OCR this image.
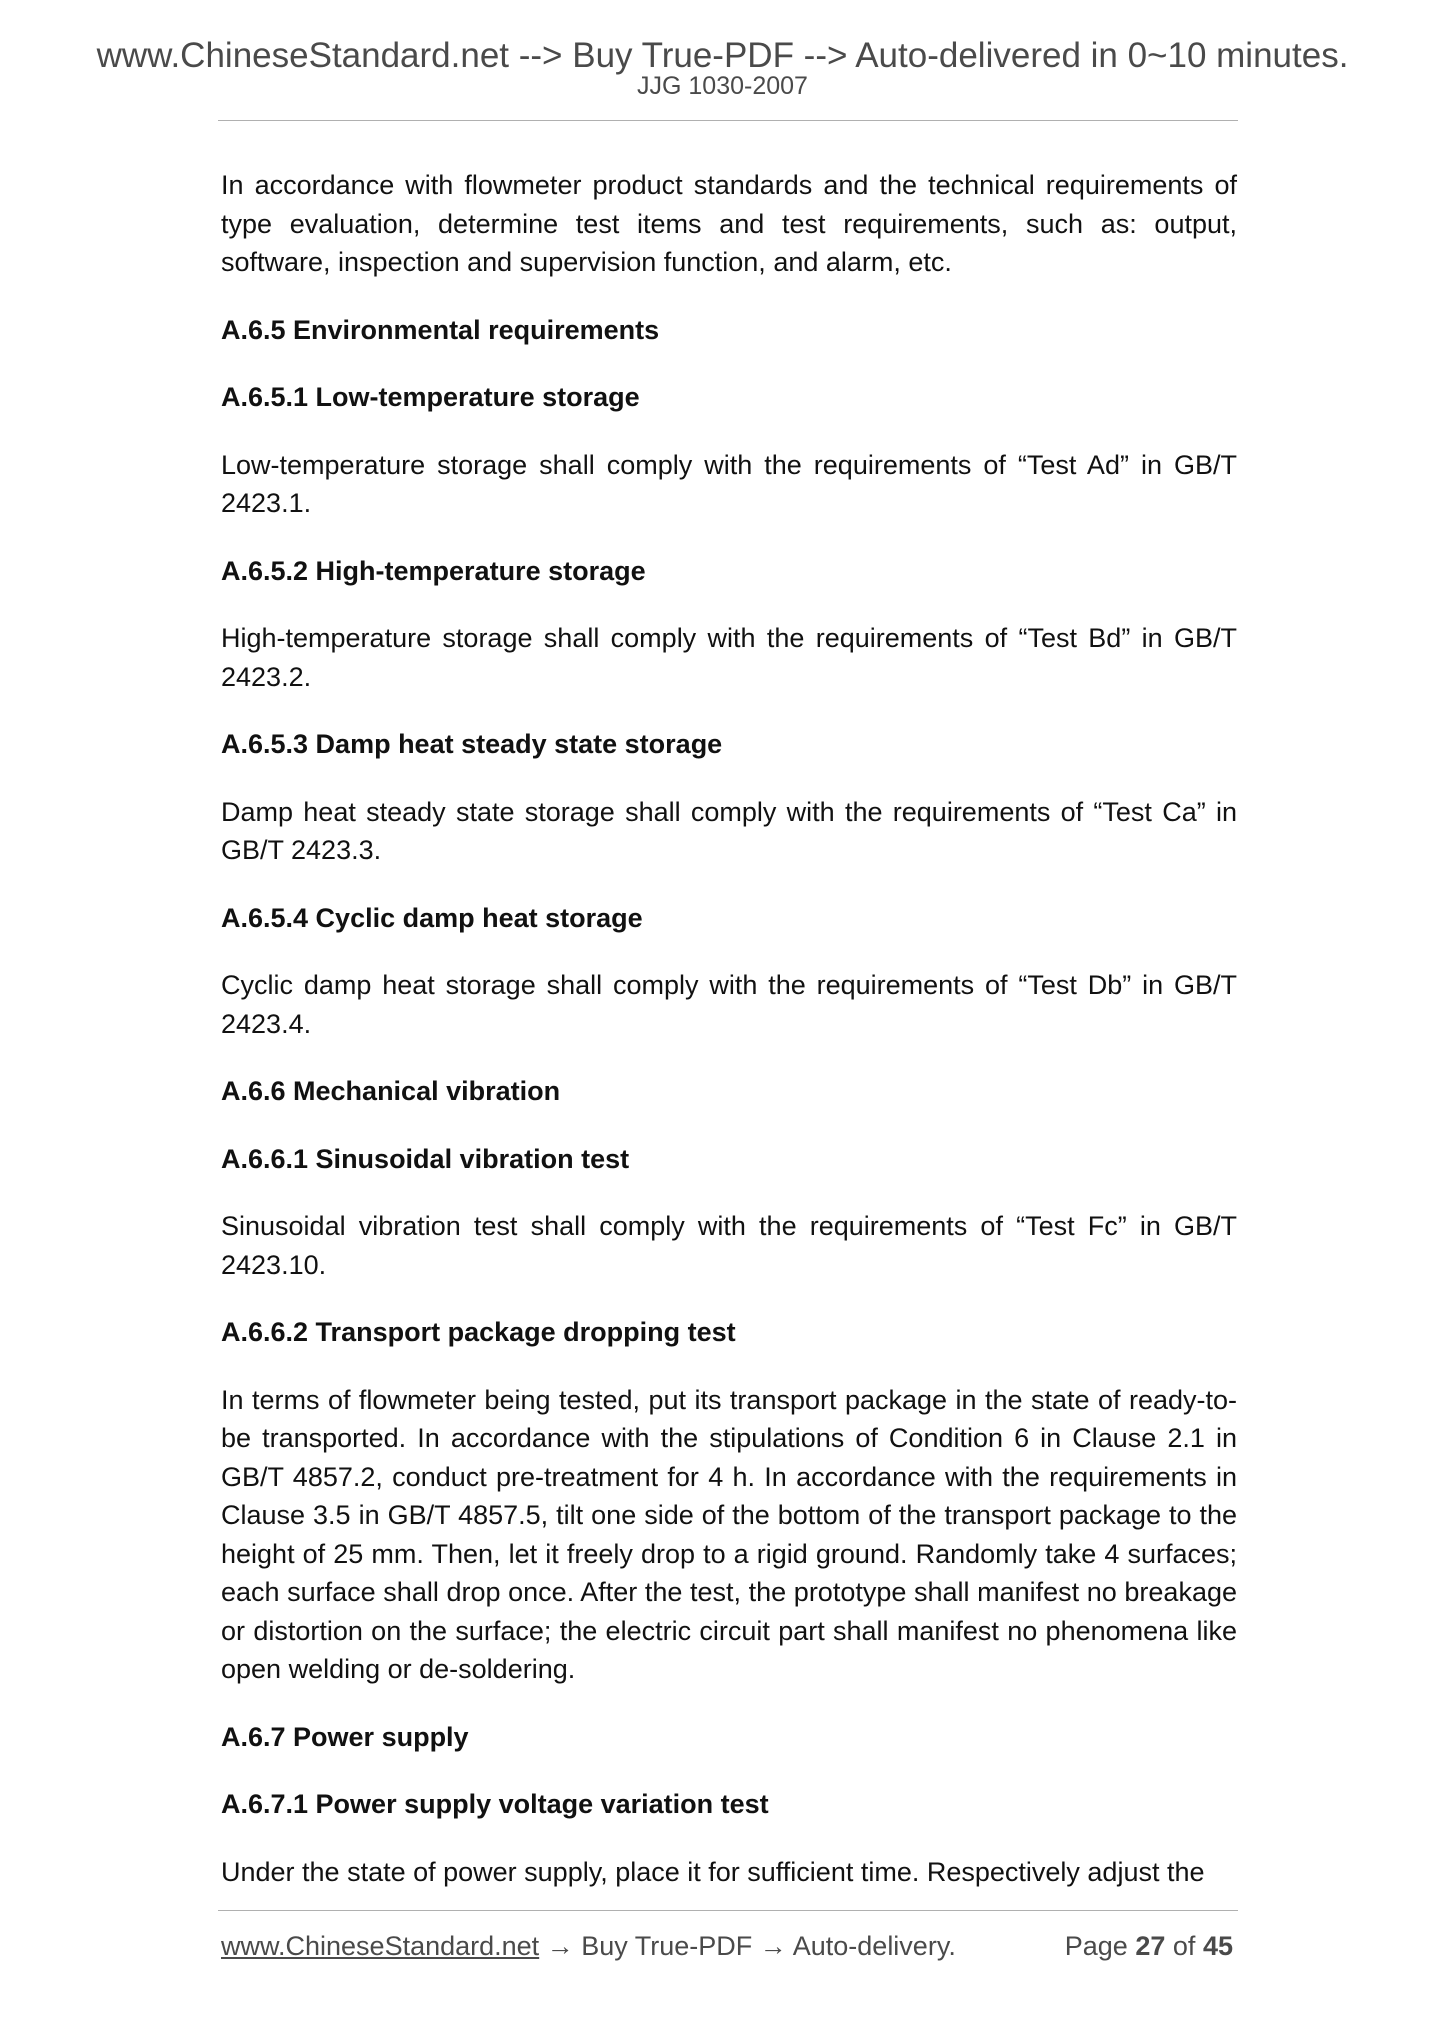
www.ChineseStandard.net --> Buy True-PDF --> Auto-delivered in 0~10 minutes.
JJG 1030-2007

In accordance with flowmeter product standards and the technical requirements of type evaluation, determine test items and test requirements, such as: output, software, inspection and supervision function, and alarm, etc.

A.6.5 Environmental requirements

A.6.5.1 Low-temperature storage

Low-temperature storage shall comply with the requirements of “Test Ad” in GB/T 2423.1.

A.6.5.2 High-temperature storage

High-temperature storage shall comply with the requirements of “Test Bd” in GB/T 2423.2.

A.6.5.3 Damp heat steady state storage

Damp heat steady state storage shall comply with the requirements of “Test Ca” in GB/T 2423.3.

A.6.5.4 Cyclic damp heat storage

Cyclic damp heat storage shall comply with the requirements of “Test Db” in GB/T 2423.4.

A.6.6 Mechanical vibration

A.6.6.1 Sinusoidal vibration test

Sinusoidal vibration test shall comply with the requirements of “Test Fc” in GB/T 2423.10.

A.6.6.2 Transport package dropping test

In terms of flowmeter being tested, put its transport package in the state of ready-to-be transported. In accordance with the stipulations of Condition 6 in Clause 2.1 in GB/T 4857.2, conduct pre-treatment for 4 h. In accordance with the requirements in Clause 3.5 in GB/T 4857.5, tilt one side of the bottom of the transport package to the height of 25 mm. Then, let it freely drop to a rigid ground. Randomly take 4 surfaces; each surface shall drop once. After the test, the prototype shall manifest no breakage or distortion on the surface; the electric circuit part shall manifest no phenomena like open welding or de-soldering.

A.6.7 Power supply

A.6.7.1 Power supply voltage variation test

Under the state of power supply, place it for sufficient time. Respectively adjust the

www.ChineseStandard.net → Buy True-PDF → Auto-delivery.	Page 27 of 45
